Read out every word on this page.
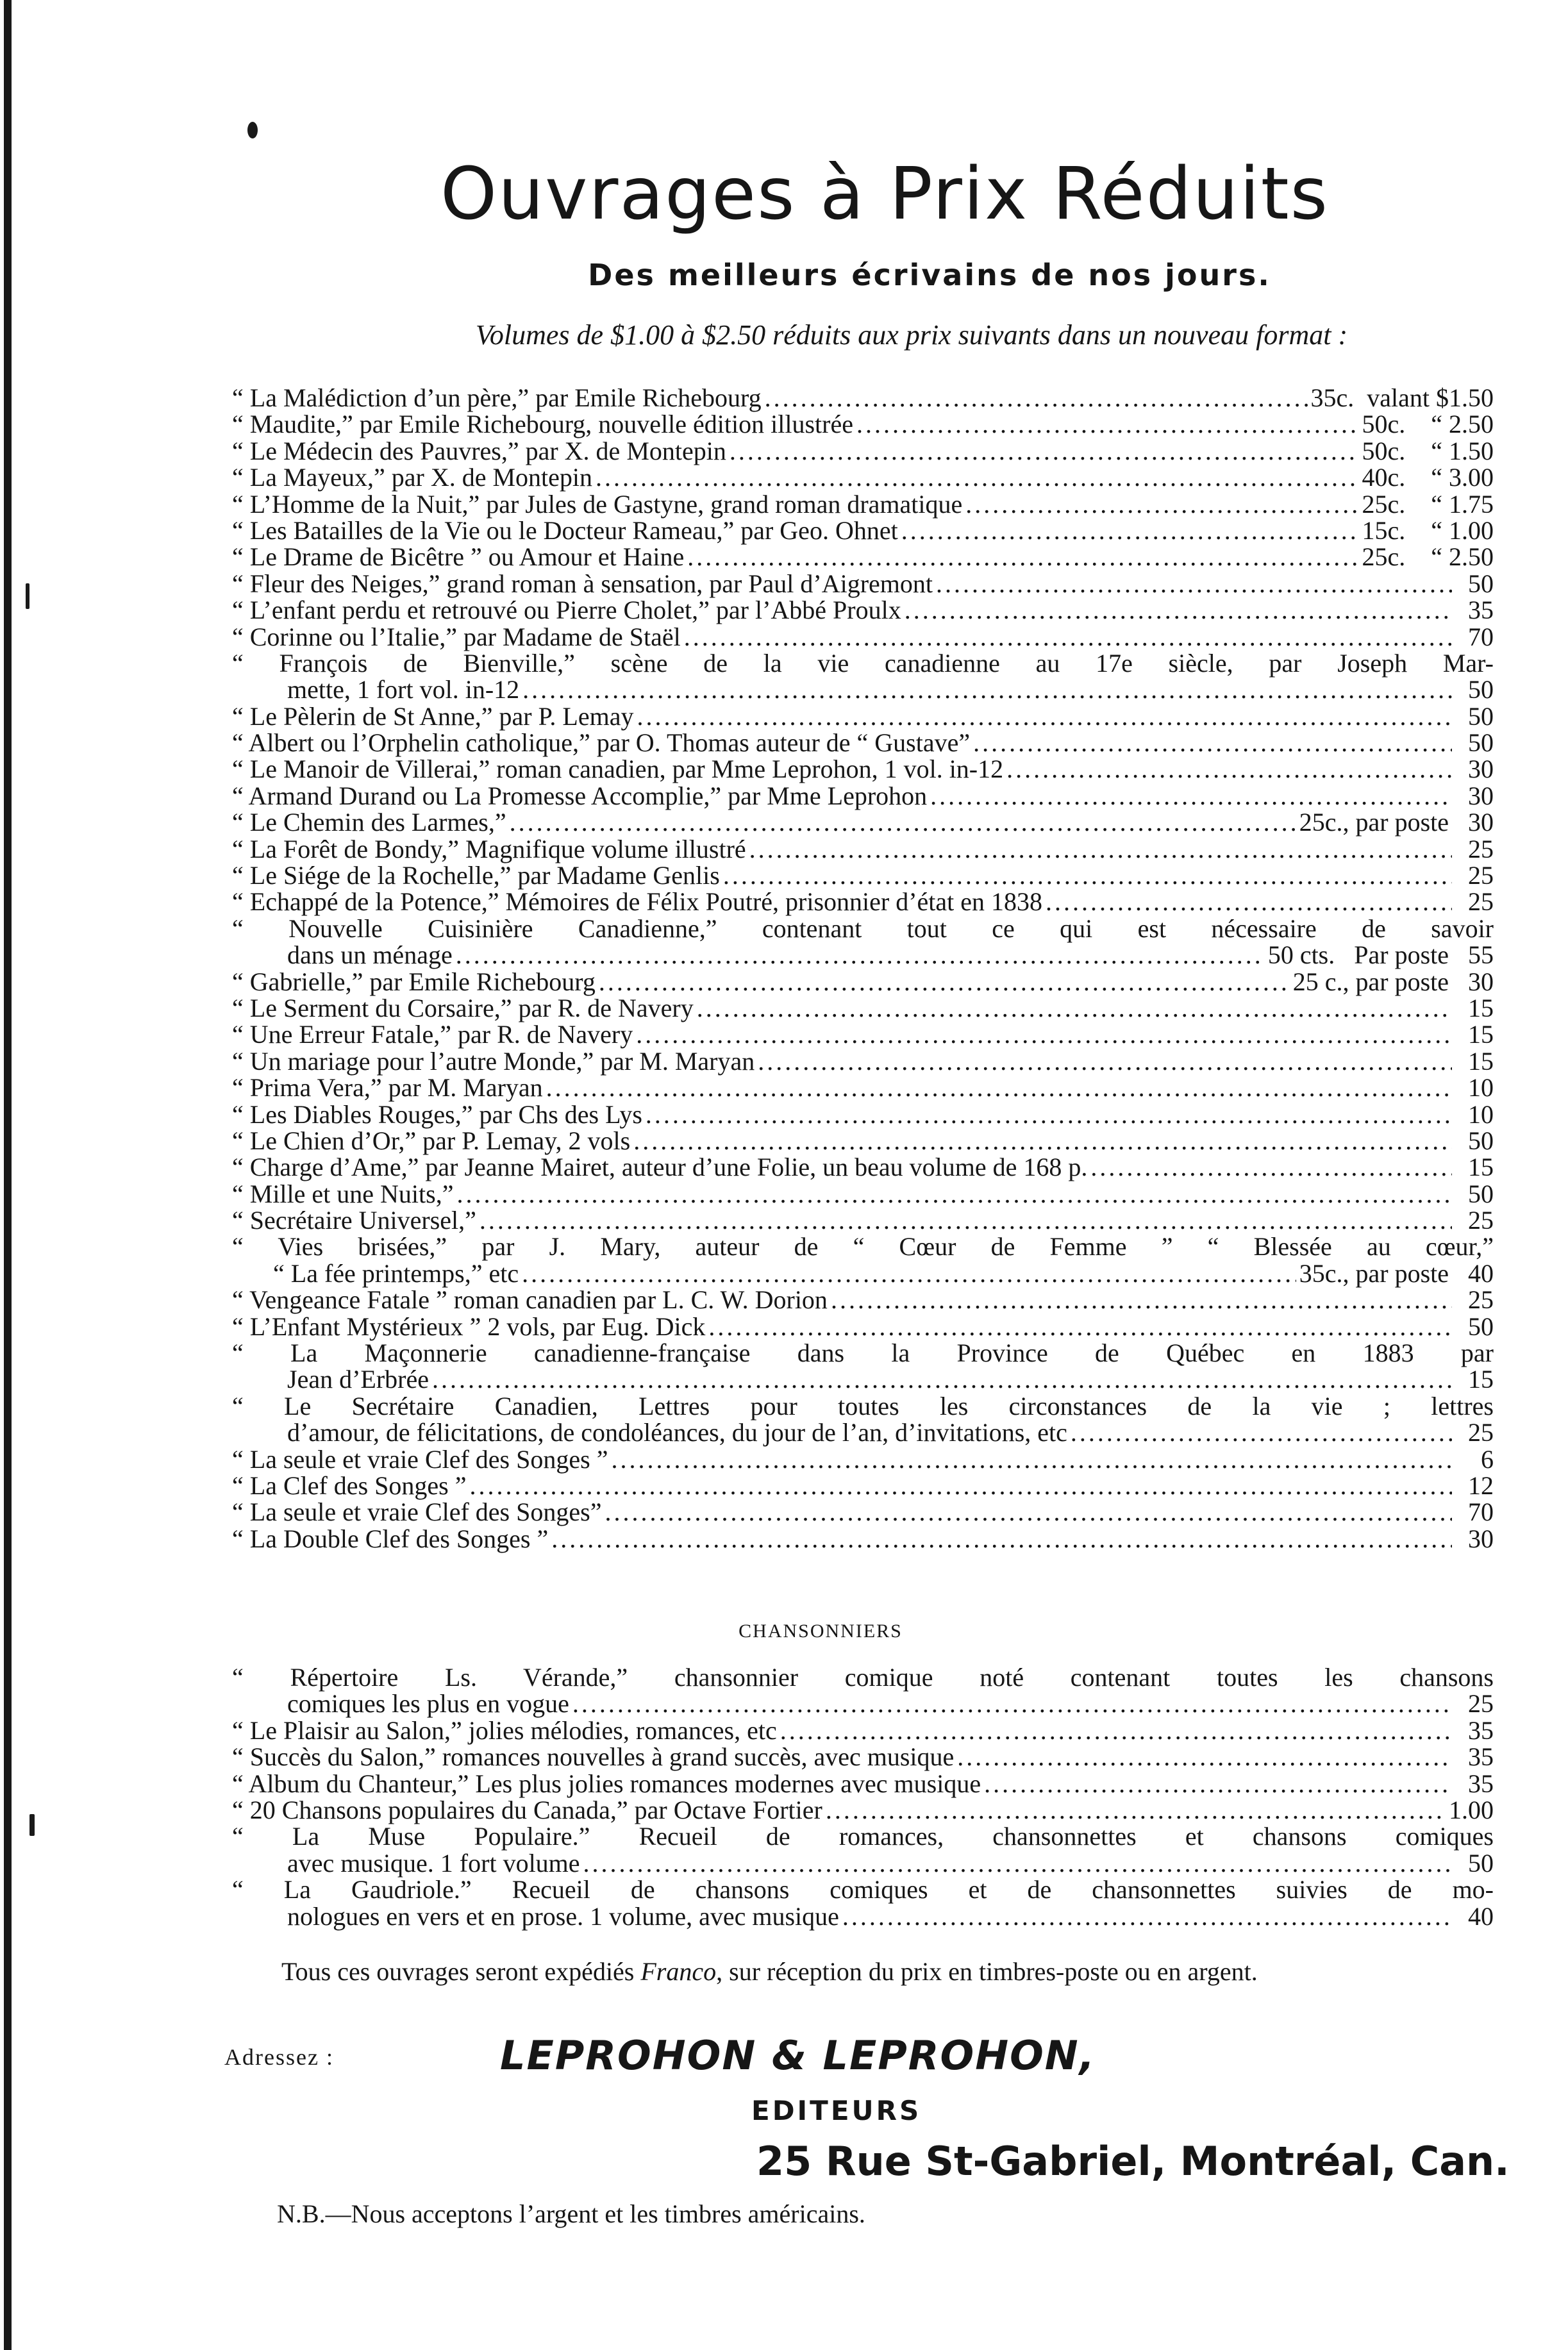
Ouvrages à Prix Réduits
Des meilleurs écrivains de nos jours.
Volumes de $1.00 à $2.50 réduits aux prix suivants dans un nouveau format :
“ La Malédiction d’un père,” par Emile Richebourg .....	35c.  valant $1.50
“ Maudite,” par Emile Richebourg, nouvelle édition illustrée .....	50c.    “ 2.50
“ Le Médecin des Pauvres,” par X. de Montepin .....	50c.    “ 1.50
“ La Mayeux,” par X. de Montepin .....	40c.    “ 3.00
“ L’Homme de la Nuit,” par Jules de Gastyne, grand roman dramatique .....	25c.    “ 1.75
“ Les Batailles de la Vie ou le Docteur Rameau,” par Geo. Ohnet .....	15c.    “ 1.00
“ Le Drame de Bicêtre ” ou Amour et Haine .....	25c.    “ 2.50
“ Fleur des Neiges,” grand roman à sensation, par Paul d’Aigremont .....	50
“ L’enfant perdu et retrouvé ou Pierre Cholet,” par l’Abbé Proulx .....	35
“ Corinne ou l’Italie,” par Madame de Staël .....	70
“ François de Bienville,” scène de la vie canadienne au 17e siècle, par Joseph Mar-
mette, 1 fort vol. in-12 .....	50
“ Le Pèlerin de St Anne,” par P. Lemay .....	50
“ Albert ou l’Orphelin catholique,” par O. Thomas auteur de “ Gustave” .....	50
“ Le Manoir de Villerai,” roman canadien, par Mme Leprohon, 1 vol. in-12 .....	30
“ Armand Durand ou La Promesse Accomplie,” par Mme Leprohon .....	30
“ Le Chemin des Larmes,” .....	25c., par poste 30
“ La Forêt de Bondy,” Magnifique volume illustré .....	25
“ Le Siége de la Rochelle,” par Madame Genlis .....	25
“ Echappé de la Potence,” Mémoires de Félix Poutré, prisonnier d’état en 1838 .....	25
“ Nouvelle Cuisinière Canadienne,” contenant tout ce qui est nécessaire de savoir
dans un ménage .....	50 cts.   Par poste 55
“ Gabrielle,” par Emile Richebourg .....	25 c., par poste 30
“ Le Serment du Corsaire,” par R. de Navery .....	15
“ Une Erreur Fatale,” par R. de Navery .....	15
“ Un mariage pour l’autre Monde,” par M. Maryan .....	15
“ Prima Vera,” par M. Maryan .....	10
“ Les Diables Rouges,” par Chs des Lys .....	10
“ Le Chien d’Or,” par P. Lemay, 2 vols .....	50
“ Charge d’Ame,” par Jeanne Mairet, auteur d’une Folie, un beau volume de 168 p. .....	15
“ Mille et une Nuits,” .....	50
“ Secrétaire Universel,” .....	25
“ Vies brisées,” par J. Mary, auteur de “ Cœur de Femme ” “ Blessée au cœur,”
“ La fée printemps,” etc .....	35c., par poste 40
“ Vengeance Fatale ” roman canadien par L. C. W. Dorion .....	25
“ L’Enfant Mystérieux ” 2 vols, par Eug. Dick .....	50
“ La Maçonnerie canadienne-française dans la Province de Québec en 1883 par
Jean d’Erbrée .....	15
“ Le Secrétaire Canadien, Lettres pour toutes les circonstances de la vie ; lettres
d’amour, de félicitations, de condoléances, du jour de l’an, d’invitations, etc .....	25
“ La seule et vraie Clef des Songes ” .....	6
“ La Clef des Songes ” .....	12
“ La seule et vraie Clef des Songes” .....	70
“ La Double Clef des Songes ” .....	30
CHANSONNIERS
“ Répertoire Ls. Vérande,” chansonnier comique noté contenant toutes les chansons
comiques les plus en vogue .....	25
“ Le Plaisir au Salon,” jolies mélodies, romances, etc .....	35
“ Succès du Salon,” romances nouvelles à grand succès, avec musique .....	35
“ Album du Chanteur,” Les plus jolies romances modernes avec musique .....	35
“ 20 Chansons populaires du Canada,” par Octave Fortier .....	1.00
“ La Muse Populaire.” Recueil de romances, chansonnettes et chansons comiques
avec musique. 1 fort volume .....	50
“ La Gaudriole.” Recueil de chansons comiques et de chansonnettes suivies de mo-
nologues en vers et en prose. 1 volume, avec musique .....	40
Tous ces ouvrages seront expédiés Franco, sur réception du prix en timbres-poste ou en argent.
Adressez :	LEPROHON & LEPROHON,
EDITEURS
25 Rue St-Gabriel, Montréal, Can.
N.B.—Nous acceptons l’argent et les timbres américains.
